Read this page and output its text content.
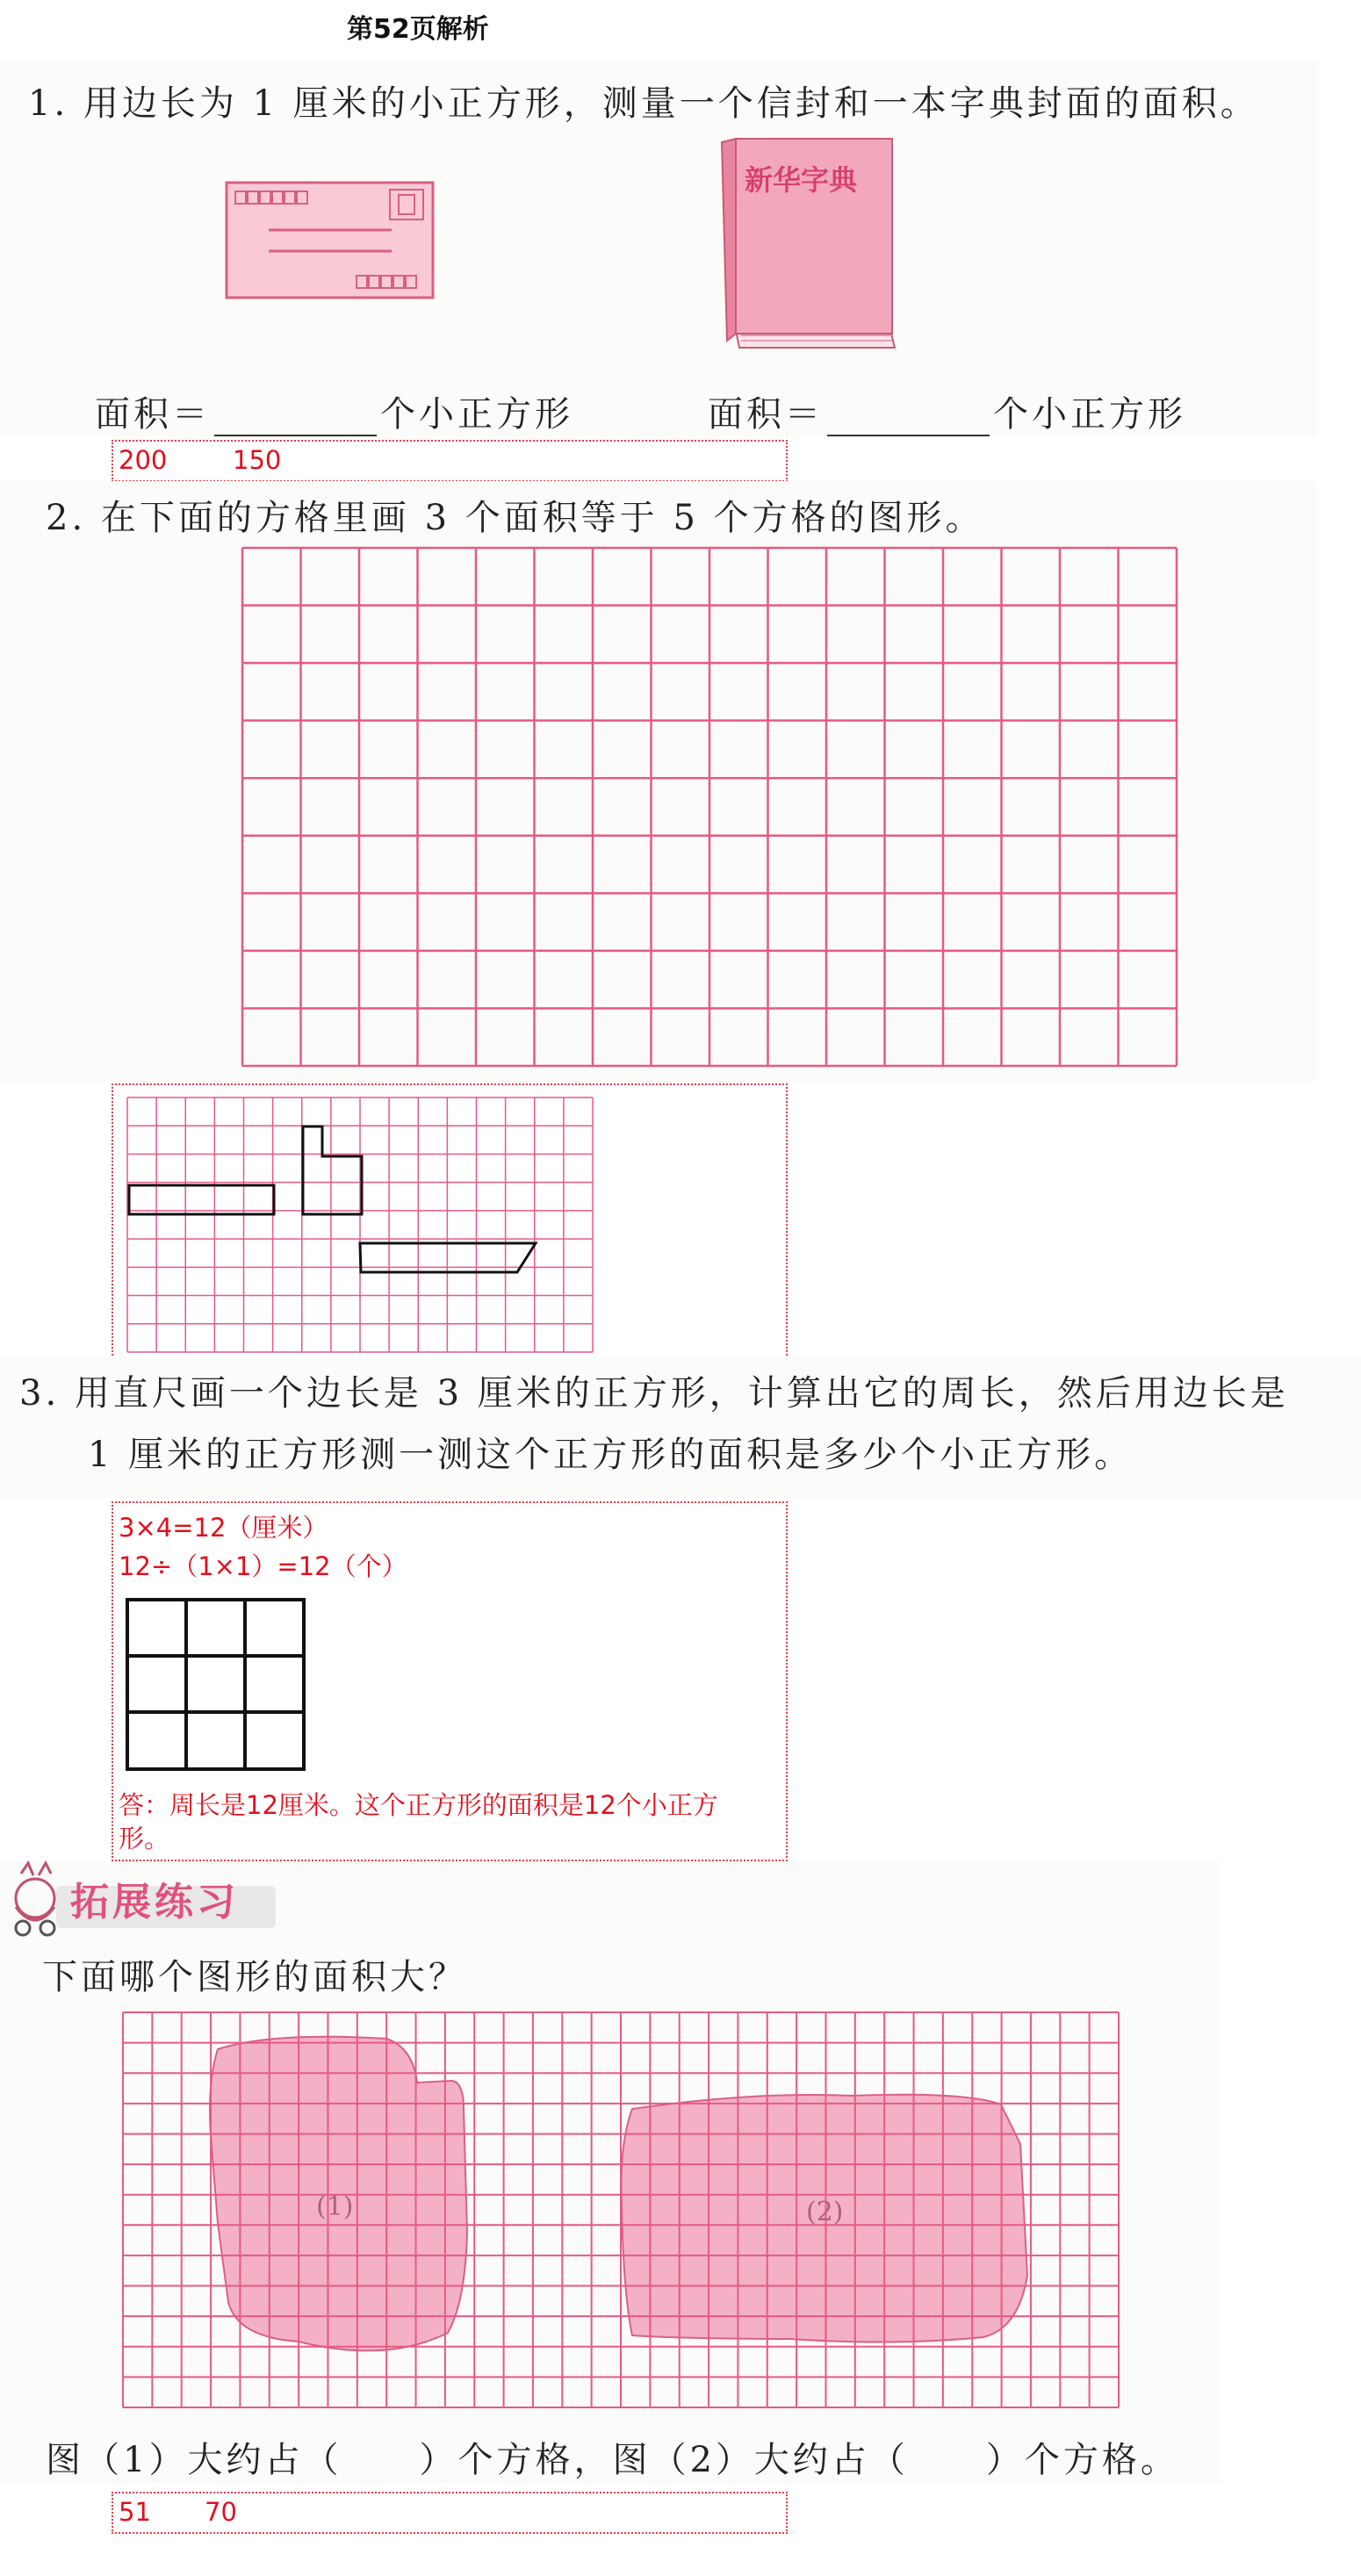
第52页解析
1. 用边长为 1 厘米的小正方形，测量一个信封和一本字典封面的面积。
新华字典
面积＝	个小正方形	面积＝	个小正方形
200	150
2. 在下面的方格里画 3 个面积等于 5 个方格的图形。
3. 用直尺画一个边长是 3 厘米的正方形，计算出它的周长，然后用边长是
1 厘米的正方形测一测这个正方形的面积是多少个小正方形。
3×4=12（厘米）
12÷（1×1）=12（个）
答：周长是12厘米。这个正方形的面积是12个小正方
形。
拓展练习
下面哪个图形的面积大？
(1)	(2)
图（1）大约占（　　）个方格，图（2）大约占（　　）个方格。
51 70
